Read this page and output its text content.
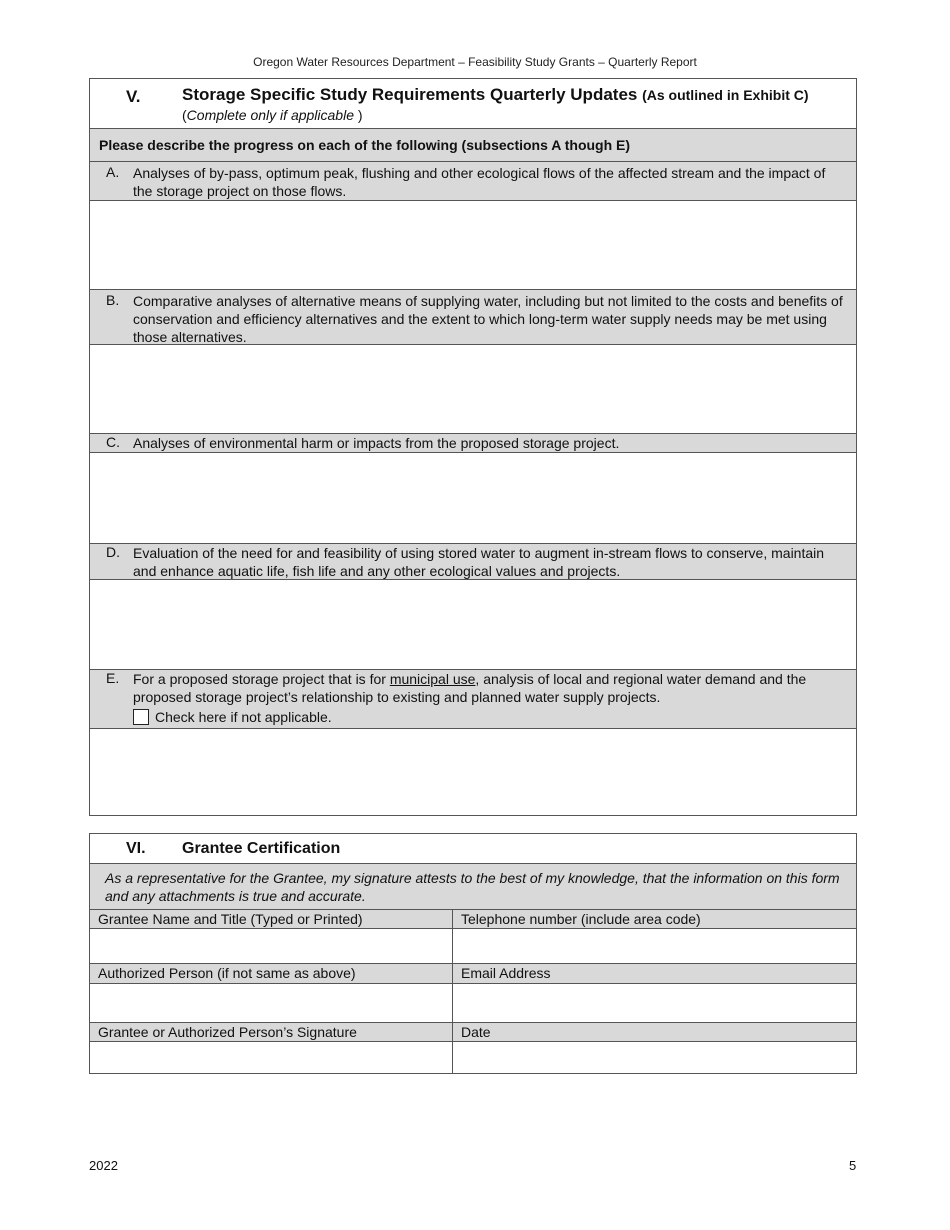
Oregon Water Resources Department – Feasibility Study Grants – Quarterly Report
V. Storage Specific Study Requirements Quarterly Updates (As outlined in Exhibit C) (Complete only if applicable )
Please describe the progress on each of the following (subsections A though E)
A. Analyses of by-pass, optimum peak, flushing and other ecological flows of the affected stream and the impact of the storage project on those flows.
B. Comparative analyses of alternative means of supplying water, including but not limited to the costs and benefits of conservation and efficiency alternatives and the extent to which long-term water supply needs may be met using those alternatives.
C. Analyses of environmental harm or impacts from the proposed storage project.
D. Evaluation of the need for and feasibility of using stored water to augment in-stream flows to conserve, maintain and enhance aquatic life, fish life and any other ecological values and projects.
E. For a proposed storage project that is for municipal use, analysis of local and regional water demand and the proposed storage project’s relationship to existing and planned water supply projects.
Check here if not applicable.
VI. Grantee Certification
As a representative for the Grantee, my signature attests to the best of my knowledge, that the information on this form and any attachments is true and accurate.
Grantee Name and Title (Typed or Printed)	Telephone number (include area code)
Authorized Person (if not same as above)	Email Address
Grantee or Authorized Person’s Signature	Date
2022	5
